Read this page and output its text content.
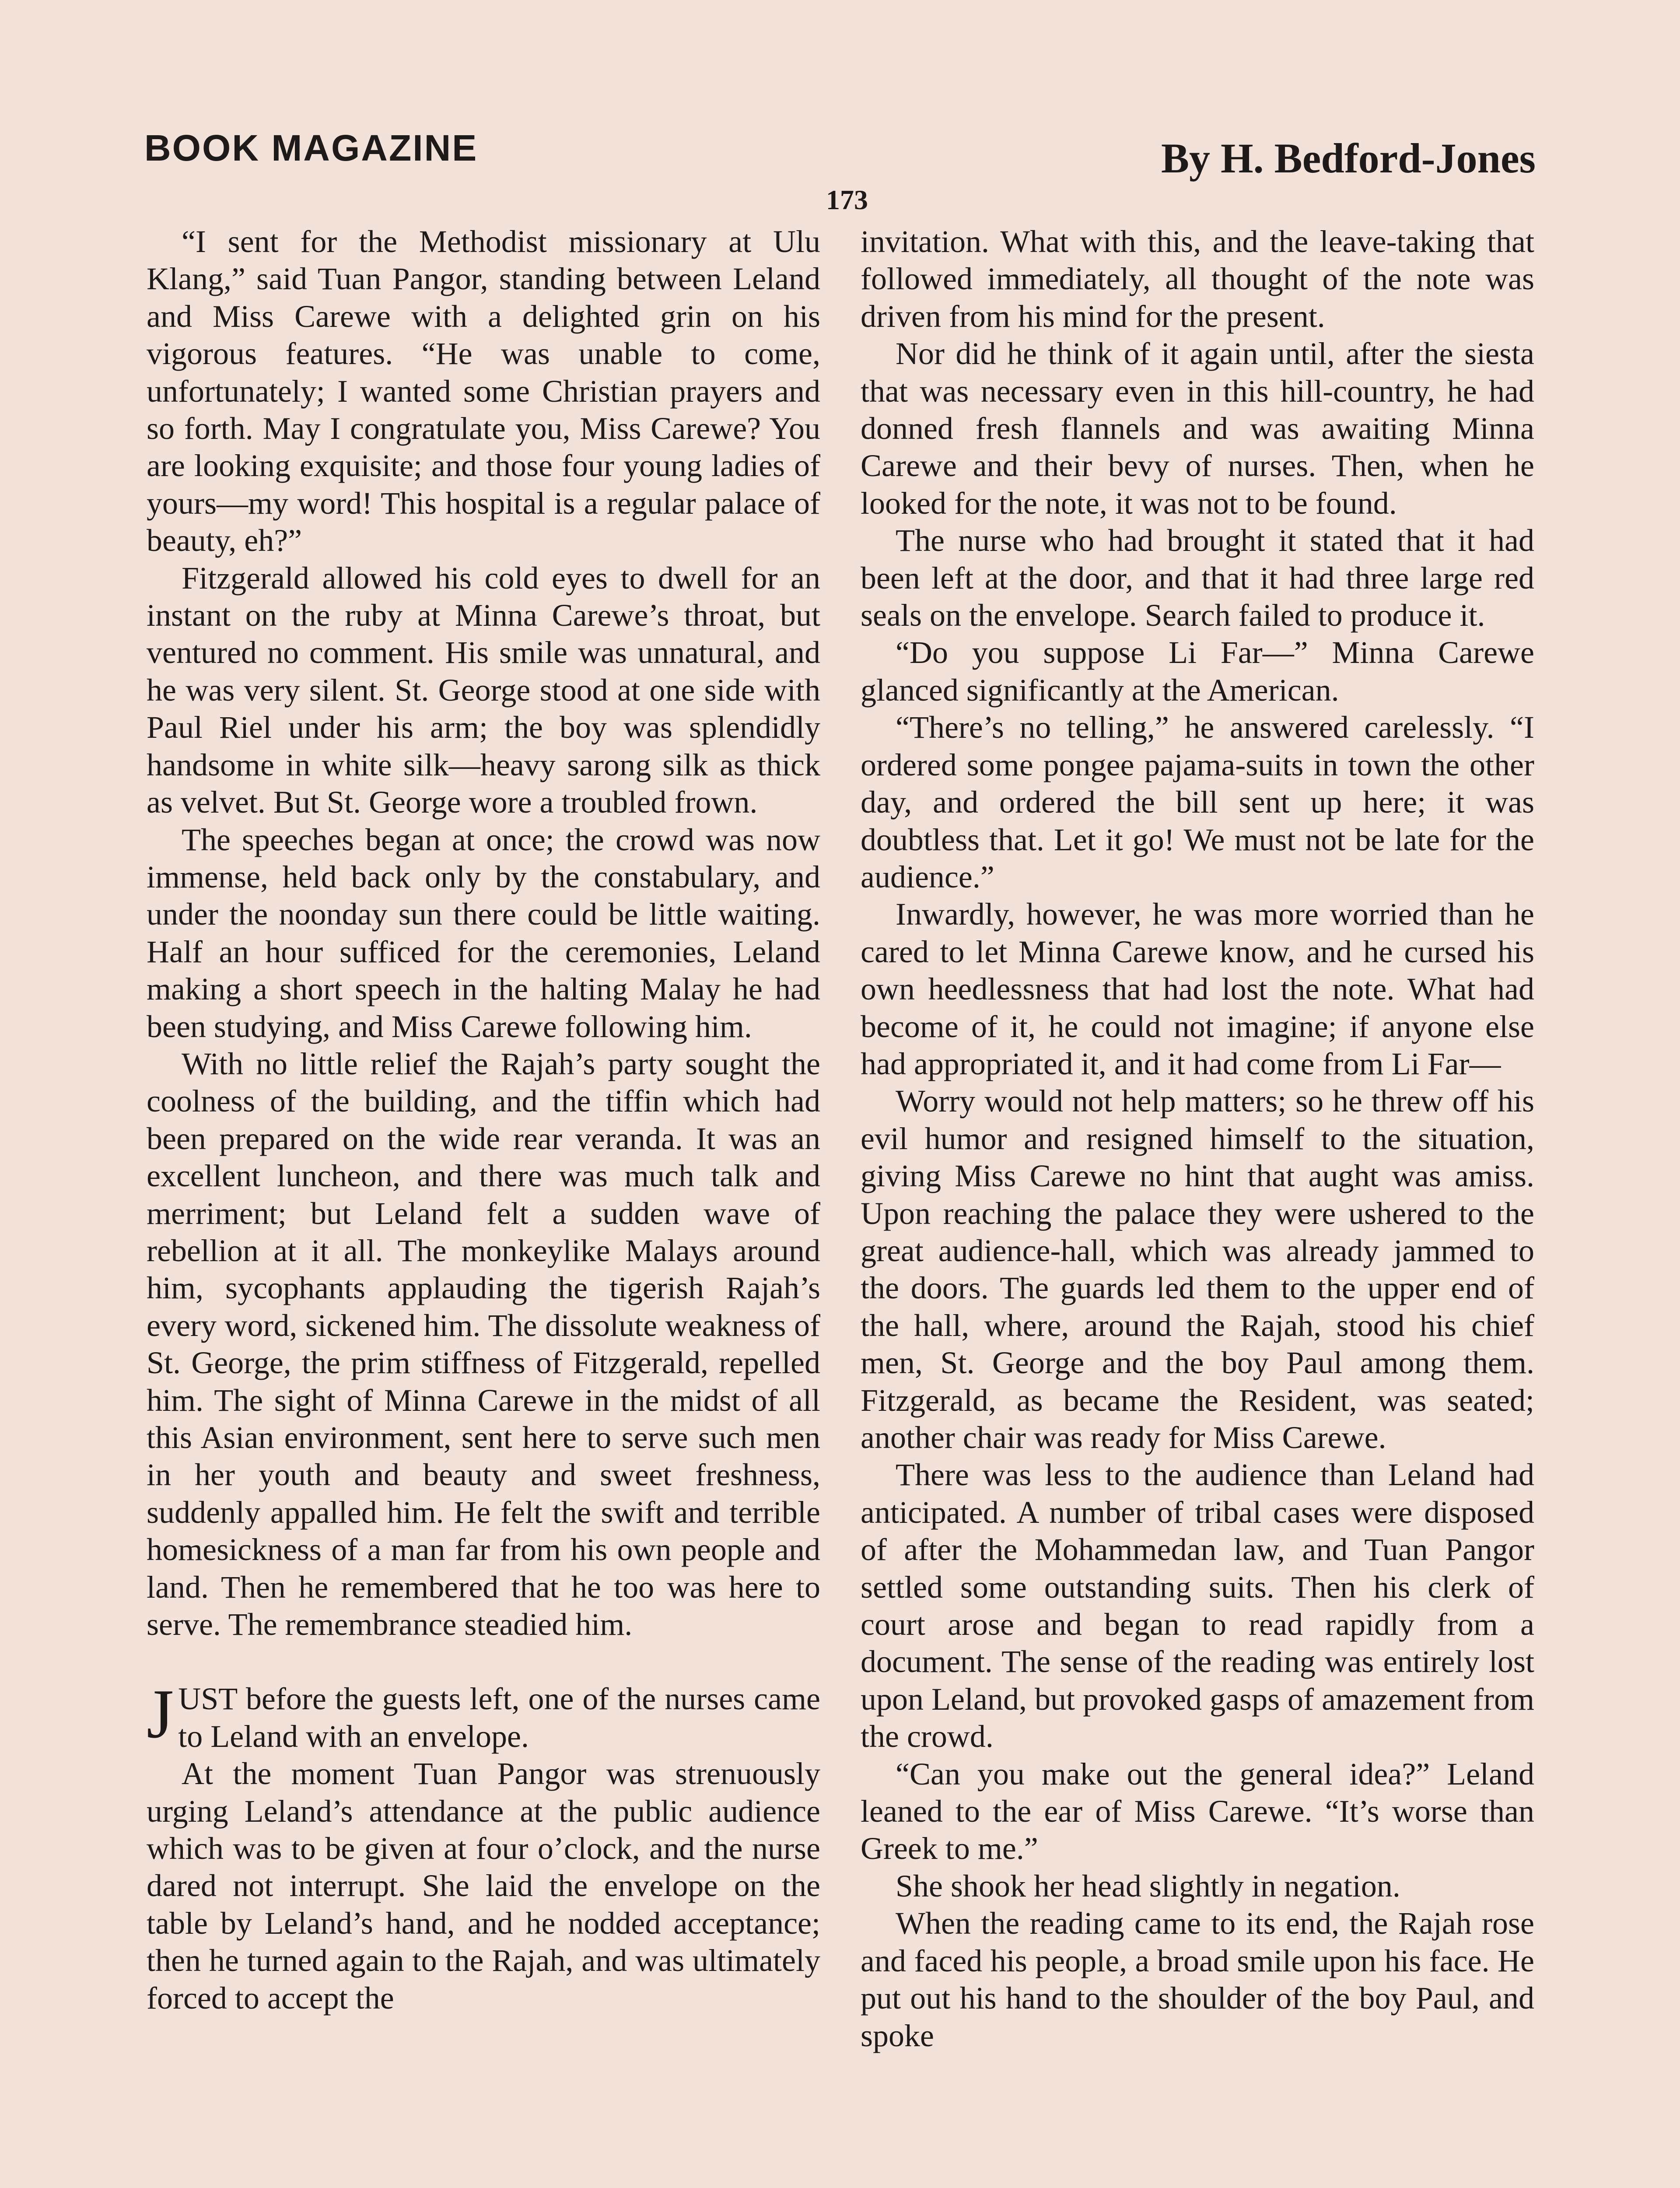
BOOK MAGAZINE	By H. Bedford-Jones
173

“I sent for the Methodist missionary at Ulu Klang,” said Tuan Pangor, standing between Leland and Miss Carewe with a delighted grin on his vigorous features. “He was unable to come, unfortunately; I wanted some Christian prayers and so forth. May I congratulate you, Miss Carewe? You are looking exquisite; and those four young ladies of yours—my word! This hospital is a regular palace of beauty, eh?”

Fitzgerald allowed his cold eyes to dwell for an instant on the ruby at Minna Carewe’s throat, but ventured no comment. His smile was unnatural, and he was very silent. St. George stood at one side with Paul Riel under his arm; the boy was splendidly handsome in white silk—heavy sarong silk as thick as velvet. But St. George wore a troubled frown.

The speeches began at once; the crowd was now immense, held back only by the constabulary, and under the noonday sun there could be little waiting. Half an hour sufficed for the ceremonies, Leland making a short speech in the halting Malay he had been studying, and Miss Carewe following him.

With no little relief the Rajah’s party sought the coolness of the building, and the tiffin which had been prepared on the wide rear veranda. It was an excellent luncheon, and there was much talk and merriment; but Leland felt a sudden wave of rebellion at it all. The monkeylike Malays around him, sycophants applauding the tigerish Rajah’s every word, sickened him. The dissolute weakness of St. George, the prim stiffness of Fitzgerald, repelled him. The sight of Minna Carewe in the midst of all this Asian environment, sent here to serve such men in her youth and beauty and sweet freshness, suddenly appalled him. He felt the swift and terrible homesickness of a man far from his own people and land. Then he remembered that he too was here to serve. The remembrance steadied him.

JUST before the guests left, one of the nurses came to Leland with an envelope.

At the moment Tuan Pangor was strenuously urging Leland’s attendance at the public audience which was to be given at four o’clock, and the nurse dared not interrupt. She laid the envelope on the table by Leland’s hand, and he nodded acceptance; then he turned again to the Rajah, and was ultimately forced to accept the

invitation. What with this, and the leave-taking that followed immediately, all thought of the note was driven from his mind for the present.

Nor did he think of it again until, after the siesta that was necessary even in this hill-country, he had donned fresh flannels and was awaiting Minna Carewe and their bevy of nurses. Then, when he looked for the note, it was not to be found.

The nurse who had brought it stated that it had been left at the door, and that it had three large red seals on the envelope. Search failed to produce it.

“Do you suppose Li Far—” Minna Carewe glanced significantly at the American.

“There’s no telling,” he answered carelessly. “I ordered some pongee pajama-suits in town the other day, and ordered the bill sent up here; it was doubtless that. Let it go! We must not be late for the audience.”

Inwardly, however, he was more worried than he cared to let Minna Carewe know, and he cursed his own heedlessness that had lost the note. What had become of it, he could not imagine; if anyone else had appropriated it, and it had come from Li Far—

Worry would not help matters; so he threw off his evil humor and resigned himself to the situation, giving Miss Carewe no hint that aught was amiss. Upon reaching the palace they were ushered to the great audience-hall, which was already jammed to the doors. The guards led them to the upper end of the hall, where, around the Rajah, stood his chief men, St. George and the boy Paul among them. Fitzgerald, as became the Resident, was seated; another chair was ready for Miss Carewe.

There was less to the audience than Leland had anticipated. A number of tribal cases were disposed of after the Mohammedan law, and Tuan Pangor settled some outstanding suits. Then his clerk of court arose and began to read rapidly from a document. The sense of the reading was entirely lost upon Leland, but provoked gasps of amazement from the crowd.

“Can you make out the general idea?” Leland leaned to the ear of Miss Carewe. “It’s worse than Greek to me.”

She shook her head slightly in negation.

When the reading came to its end, the Rajah rose and faced his people, a broad smile upon his face. He put out his hand to the shoulder of the boy Paul, and spoke
